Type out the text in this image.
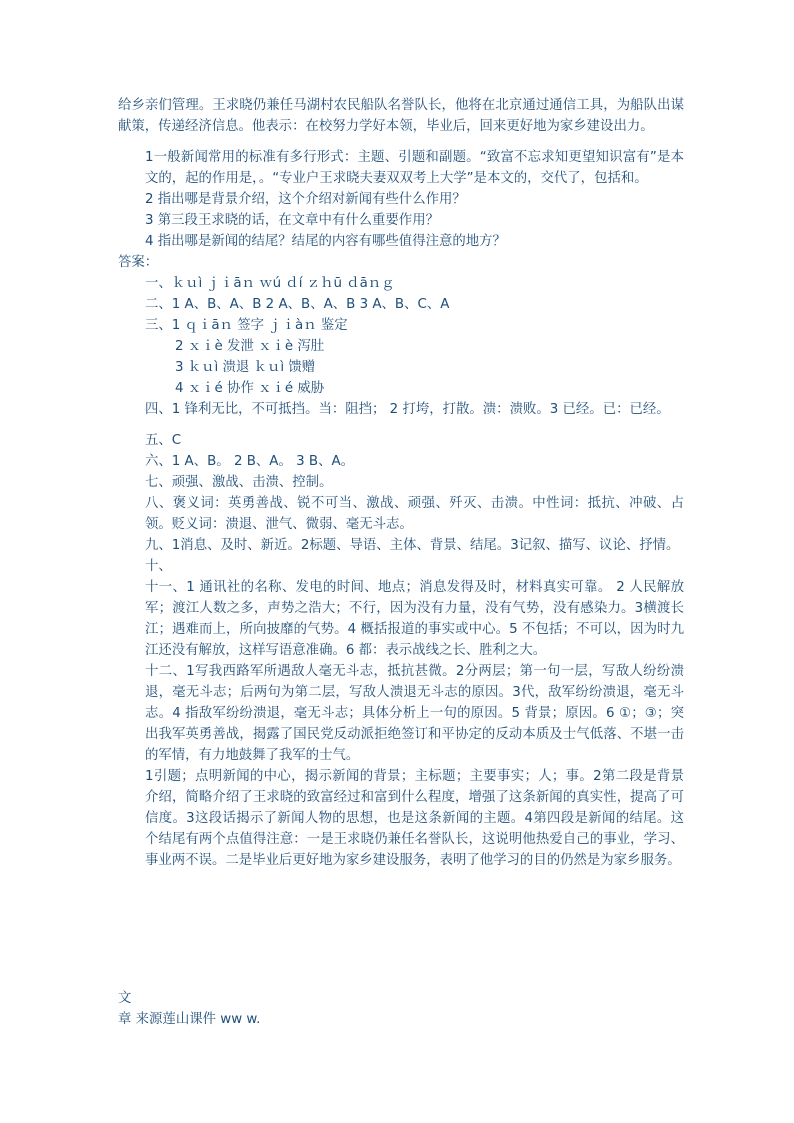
给乡亲们管理。王求晓仍兼任马湖村农民船队名誉队长，他将在北京通过通信工具，为船队出谋献策，传递经济信息。他表示：在校努力学好本领，毕业后，回来更好地为家乡建设出力。
1一般新闻常用的标准有多行形式：主题、引题和副题。“致富不忘求知更望知识富有”是本文的，起的作用是，。“专业户王求晓夫妻双双考上大学”是本文的，交代了，包括和。
2 指出哪是背景介绍，这个介绍对新闻有些什么作用？
3 第三段王求晓的话，在文章中有什么重要作用？
4 指出哪是新闻的结尾？结尾的内容有哪些值得注意的地方？
答案：
一、ｋｕì ｊｉāｎ ｗú ｄí ｚｈū ｄāｎｇ
二、1 A、B、A、B 2 A、B、A、B 3 A、B、C、A
三、1 ｑｉāｎ 签字 ｊｉàｎ 鉴定
2 ｘｉè 发泄 ｘｉè 泻肚
3 ｋｕì 溃退 ｋｕì 馈赠
4 ｘｉé 协作 ｘｉé 威胁
四、1 锋利无比，不可抵挡。当：阻挡； 2 打垮，打散。溃：溃败。3 已经。已：已经。
五、C
六、1 A、B。 2 B、A。 3 B、A。
七、顽强、激战、击溃、控制。
八、褒义词：英勇善战、锐不可当、激战、顽强、歼灭、击溃。中性词：抵抗、冲破、占领。贬义词：溃退、泄气、微弱、毫无斗志。
九、1消息、及时、新近。2标题、导语、主体、背景、结尾。3记叙、描写、议论、抒情。
十、
十一、1 通讯社的名称、发电的时间、地点；消息发得及时，材料真实可靠。 2 人民解放军；渡江人数之多，声势之浩大；不行，因为没有力量，没有气势，没有感染力。3横渡长江；遇难而上，所向披靡的气势。4 概括报道的事实或中心。5 不包括；不可以，因为时九江还没有解放，这样写语意准确。6 都：表示战线之长、胜利之大。
十二、1写我西路军所遇敌人毫无斗志，抵抗甚微。2分两层；第一句一层，写敌人纷纷溃退，毫无斗志；后两句为第二层，写敌人溃退无斗志的原因。3代，敌军纷纷溃退，毫无斗志。4 指敌军纷纷溃退，毫无斗志；具体分析上一句的原因。5 背景；原因。6 ①；③；突出我军英勇善战，揭露了国民党反动派拒绝签订和平协定的反动本质及士气低落、不堪一击的军情，有力地鼓舞了我军的士气。
1引题；点明新闻的中心，揭示新闻的背景；主标题；主要事实；人；事。2第二段是背景介绍，简略介绍了王求晓的致富经过和富到什么程度，增强了这条新闻的真实性，提高了可信度。3这段话揭示了新闻人物的思想，也是这条新闻的主题。4第四段是新闻的结尾。这个结尾有两个点值得注意：一是王求晓仍兼任名誉队长，这说明他热爱自己的事业，学习、事业两不误。二是毕业后更好地为家乡建设服务，表明了他学习的目的仍然是为家乡服务。
文
章 来源莲山课件 ww w.
